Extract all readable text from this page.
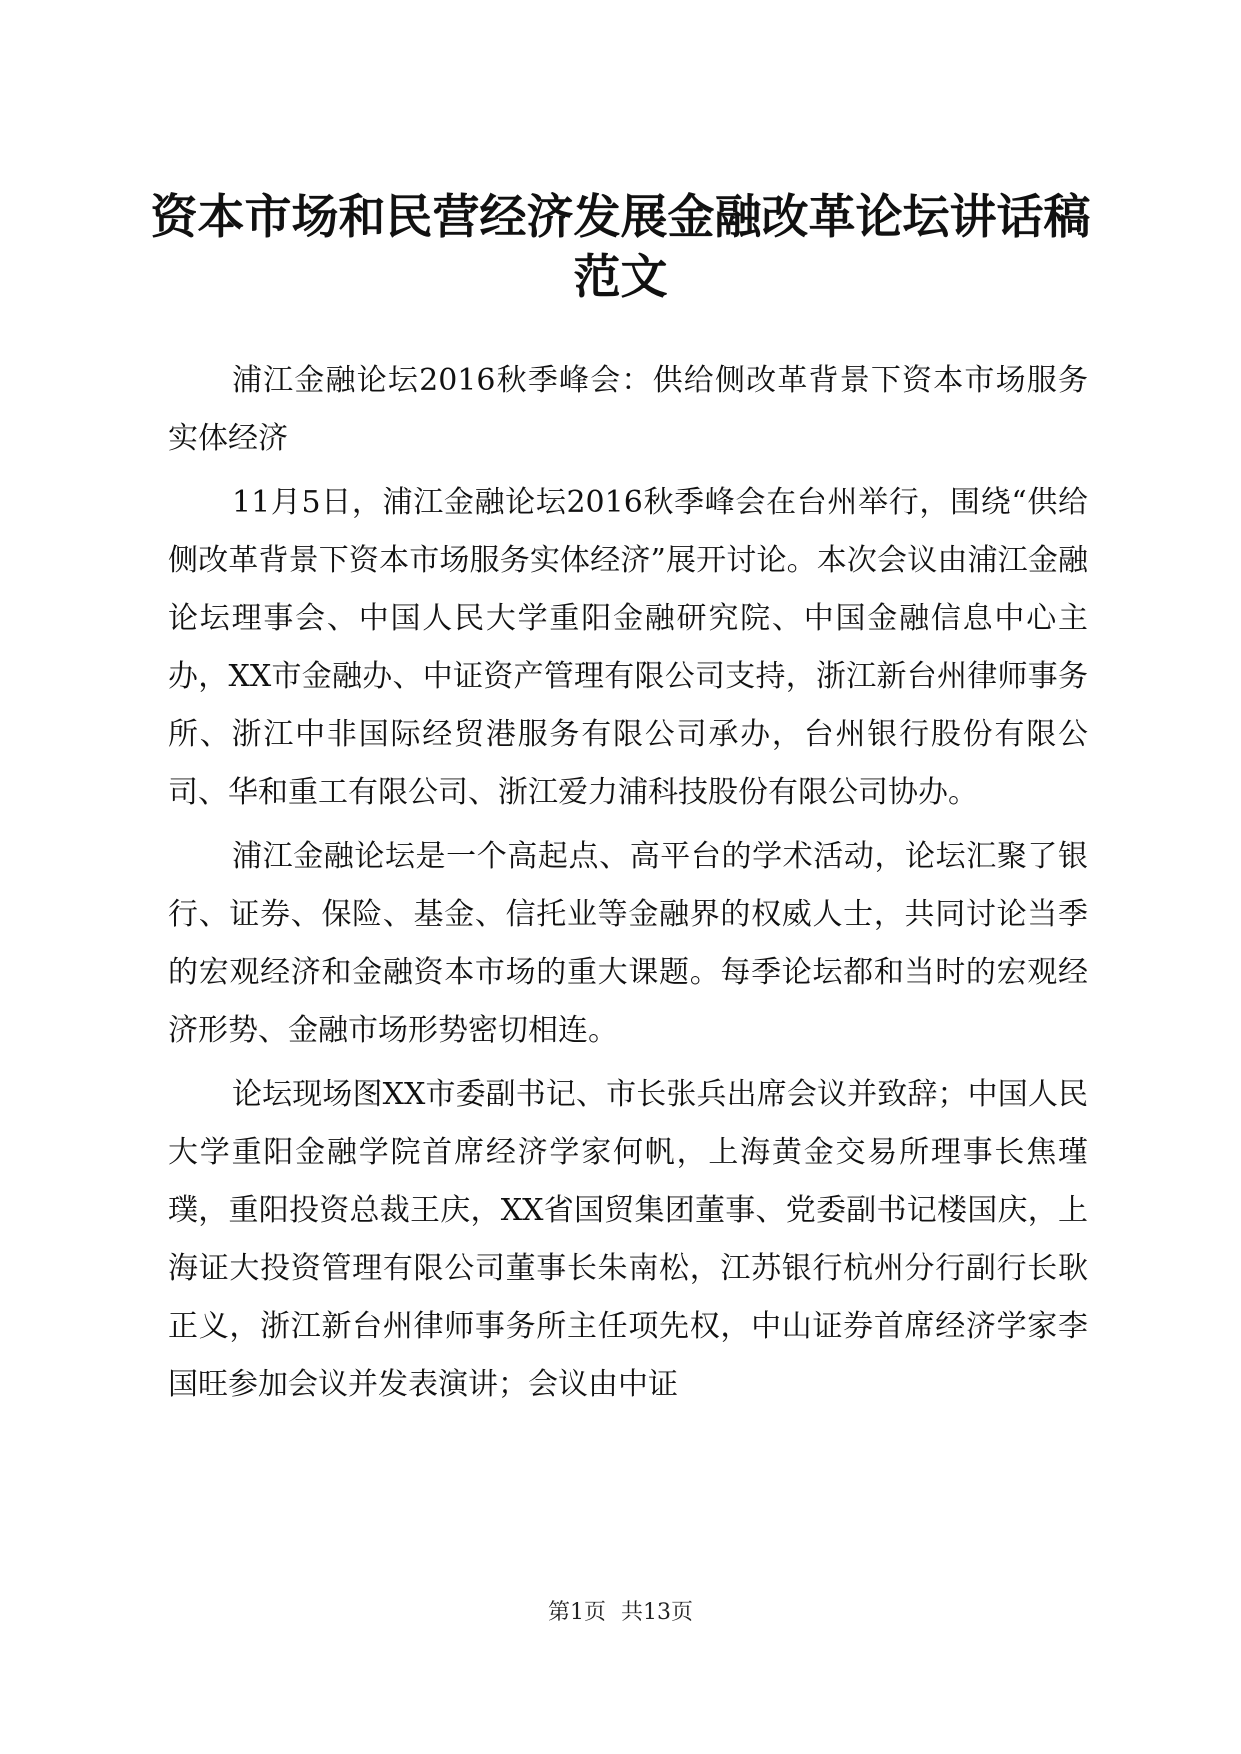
资本市场和民营经济发展金融改革论坛讲话稿范文

浦江金融论坛2016秋季峰会：供给侧改革背景下资本市场服务实体经济

11月5日，浦江金融论坛2016秋季峰会在台州举行，围绕“供给侧改革背景下资本市场服务实体经济”展开讨论。本次会议由浦江金融论坛理事会、中国人民大学重阳金融研究院、中国金融信息中心主办，XX市金融办、中证资产管理有限公司支持，浙江新台州律师事务所、浙江中非国际经贸港服务有限公司承办，台州银行股份有限公司、华和重工有限公司、浙江爱力浦科技股份有限公司协办。

浦江金融论坛是一个高起点、高平台的学术活动，论坛汇聚了银行、证券、保险、基金、信托业等金融界的权威人士，共同讨论当季的宏观经济和金融资本市场的重大课题。每季论坛都和当时的宏观经济形势、金融市场形势密切相连。

论坛现场图XX市委副书记、市长张兵出席会议并致辞；中国人民大学重阳金融学院首席经济学家何帆，上海黄金交易所理事长焦瑾璞，重阳投资总裁王庆，XX省国贸集团董事、党委副书记楼国庆，上海证大投资管理有限公司董事长朱南松，江苏银行杭州分行副行长耿正义，浙江新台州律师事务所主任项先权，中山证券首席经济学家李国旺参加会议并发表演讲；会议由中证

第1页 共13页
